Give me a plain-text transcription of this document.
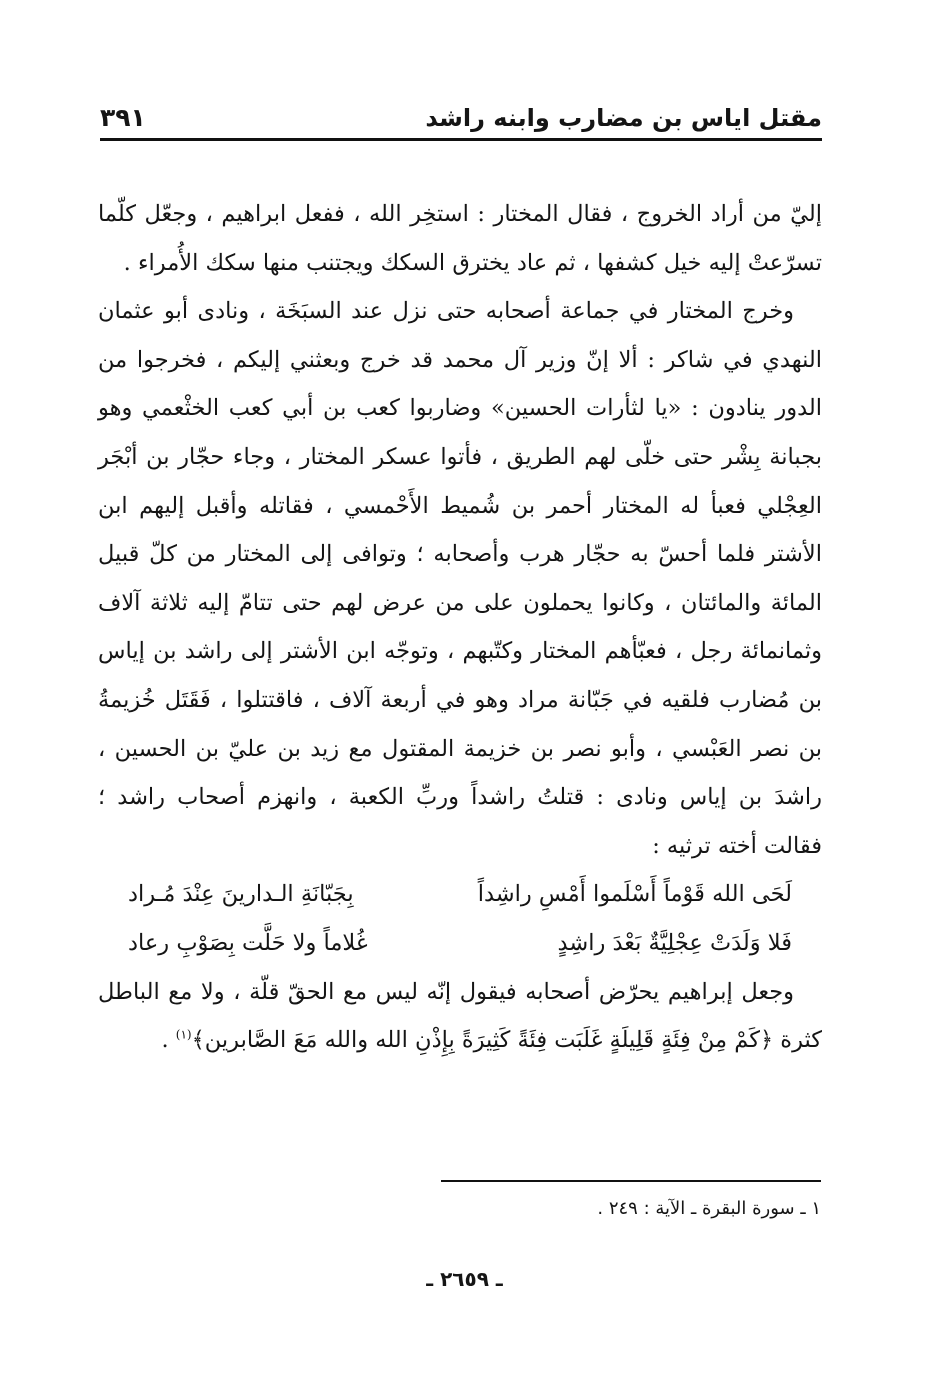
مقتل اياس بن مضارب وابنه راشد
٣٩١

إليّ من أراد الخروج ، فقال المختار : استخِر الله ، ففعل ابراهيم ، وجعّل كلّما تسرّعتْ إليه خيل كشفها ، ثم عاد يخترق السكك ويجتنب منها سكك الأُمراء .

وخرج المختار في جماعة أصحابه حتى نزل عند السبَخَة ، ونادى أبو عثمان النهدي في شاكر : ألا إنّ وزير آل محمد قد خرج وبعثني إليكم ، فخرجوا من الدور ينادون : «يا لثأرات الحسين» وضاربوا كعب بن أبي كعب الخثْعمي وهو بجبانة بِشْر حتى خلّى لهم الطريق ، فأتوا عسكر المختار ، وجاء حجّار بن أبْجَر العِجْلي فعبأ له المختار أحمر بن شُميط الأَحْمسي ، فقاتله وأقبل إليهم ابن الأشتر فلما أحسّ به حجّار هرب وأصحابه ؛ وتوافى إلى المختار من كلّ قبيل المائة والمائتان ، وكانوا يحملون على من عرض لهم حتى تتامّ إليه ثلاثة آلاف وثمانمائة رجل ، فعبّأهم المختار وكتّبهم ، وتوجّه ابن الأشتر إلى راشد بن إياس بن مُضارب فلقيه في جَبّانة مراد وهو في أربعة آلاف ، فاقتتلوا ، فَقَتَل خُزيمةُ بن نصر العَبْسي ، وأبو نصر بن خزيمة المقتول مع زيد بن عليّ بن الحسين ، راشدَ بن إياس ونادى : قتلتُ راشداً وربِّ الكعبة ، وانهزم أصحاب راشد ؛ فقالت أخته ترثيه :

لَحَى الله قَوْماً أَسْلَموا أَمْسِ راشِداً
بِجَبّانَةِ الـدارينَ عِنْدَ مُـراد
فَلا وَلَدَتْ عِجْلِيَّةٌ بَعْدَ راشِدٍ
غُلاماً ولا حَلَّت بِصَوْبِ رعاد

وجعل إبراهيم يحرّض أصحابه فيقول إنّه ليس مع الحقّ قلّة ، ولا مع الباطل كثرة ﴿كَمْ مِنْ فِئَةٍ قَلِيلَةٍ غَلَبَت فِئَةً كَثِيرَةً بِإِذْنِ الله والله مَعَ الصَّابرين﴾$^{(١)}$ .

١ ـ سورة البقرة ـ الآية : ٢٤٩ .
ـ ٢٦٥٩ ـ
